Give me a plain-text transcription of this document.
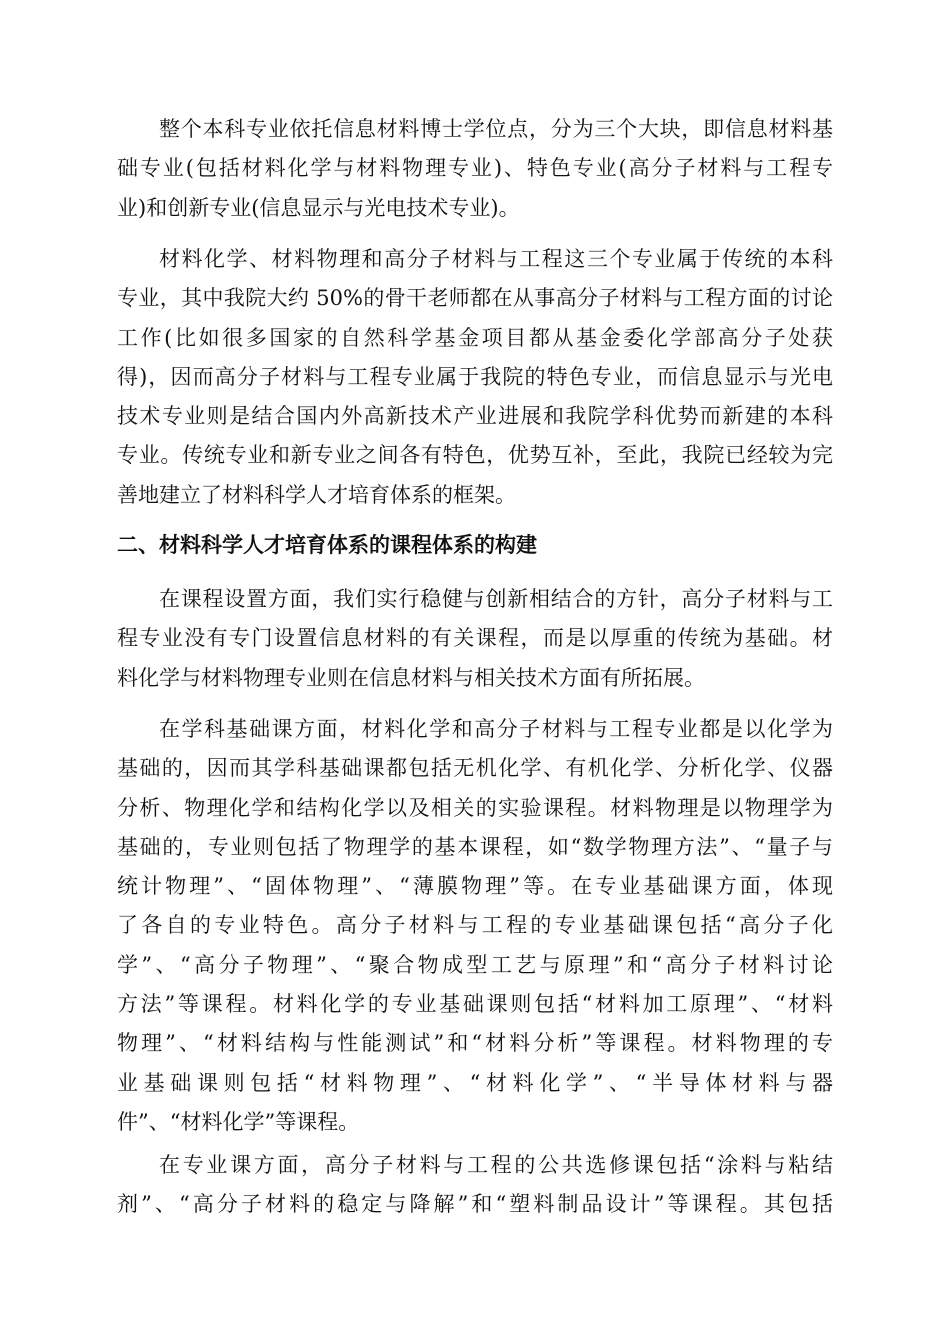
整个本科专业依托信息材料博士学位点，分为三个大块，即信息材料基
础专业(包括材料化学与材料物理专业)、特色专业(高分子材料与工程专
业)和创新专业(信息显示与光电技术专业)。
材料化学、材料物理和高分子材料与工程这三个专业属于传统的本科
专业，其中我院大约 50%的骨干老师都在从事高分子材料与工程方面的讨论
工作(比如很多国家的自然科学基金项目都从基金委化学部高分子处获
得)，因而高分子材料与工程专业属于我院的特色专业，而信息显示与光电
技术专业则是结合国内外高新技术产业进展和我院学科优势而新建的本科
专业。传统专业和新专业之间各有特色，优势互补，至此，我院已经较为完
善地建立了材料科学人才培育体系的框架。
二、材料科学人才培育体系的课程体系的构建
在课程设置方面，我们实行稳健与创新相结合的方针，高分子材料与工
程专业没有专门设置信息材料的有关课程，而是以厚重的传统为基础。材
料化学与材料物理专业则在信息材料与相关技术方面有所拓展。
在学科基础课方面，材料化学和高分子材料与工程专业都是以化学为
基础的，因而其学科基础课都包括无机化学、有机化学、分析化学、仪器
分析、物理化学和结构化学以及相关的实验课程。材料物理是以物理学为
基础的，专业则包括了物理学的基本课程，如“数学物理方法”、“量子与
统计物理”、“固体物理”、“薄膜物理”等。在专业基础课方面，体现
了各自的专业特色。高分子材料与工程的专业基础课包括“高分子化
学”、“高分子物理”、“聚合物成型工艺与原理”和“高分子材料讨论
方法”等课程。材料化学的专业基础课则包括“材料加工原理”、“材料
物理”、“材料结构与性能测试”和“材料分析”等课程。材料物理的专
业基础课则包括“材料物理”、“材料化学”、“半导体材料与器
件”、“材料化学”等课程。
在专业课方面，高分子材料与工程的公共选修课包括“涂料与粘结
剂”、“高分子材料的稳定与降解”和“塑料制品设计”等课程。其包括
